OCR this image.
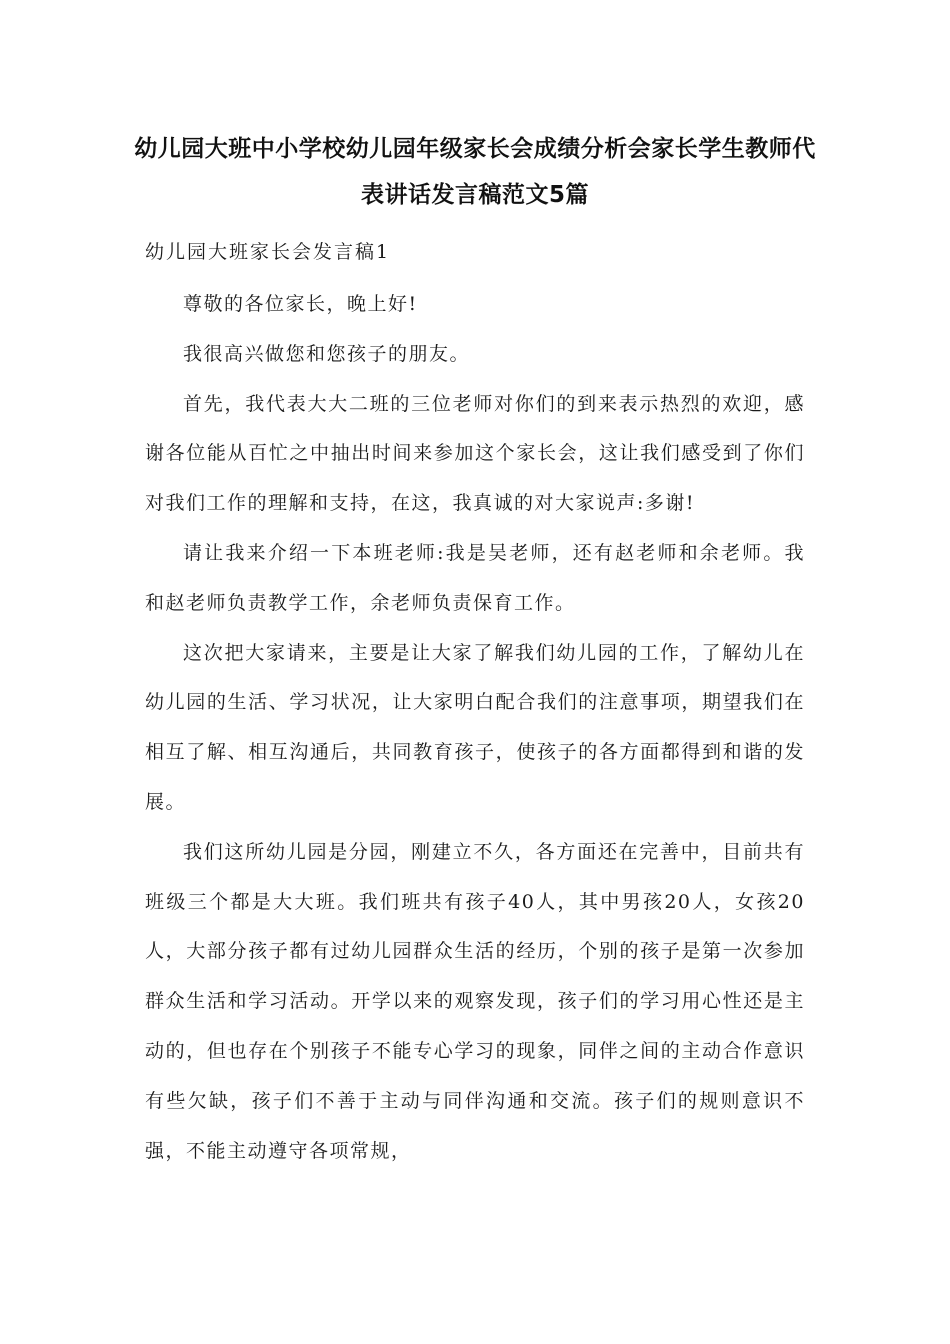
幼儿园大班中小学校幼儿园年级家长会成绩分析会家长学生教师代表讲话发言稿范文5篇
幼儿园大班家长会发言稿1

尊敬的各位家长，晚上好!

我很高兴做您和您孩子的朋友。

首先，我代表大大二班的三位老师对你们的到来表示热烈的欢迎，感谢各位能从百忙之中抽出时间来参加这个家长会，这让我们感受到了你们对我们工作的理解和支持，在这，我真诚的对大家说声:多谢!

请让我来介绍一下本班老师:我是吴老师，还有赵老师和余老师。我和赵老师负责教学工作，余老师负责保育工作。

这次把大家请来，主要是让大家了解我们幼儿园的工作，了解幼儿在幼儿园的生活、学习状况，让大家明白配合我们的注意事项，期望我们在相互了解、相互沟通后，共同教育孩子，使孩子的各方面都得到和谐的发展。

我们这所幼儿园是分园，刚建立不久，各方面还在完善中，目前共有班级三个都是大大班。我们班共有孩子40人，其中男孩20人，女孩20人，大部分孩子都有过幼儿园群众生活的经历，个别的孩子是第一次参加群众生活和学习活动。开学以来的观察发现，孩子们的学习用心性还是主动的，但也存在个别孩子不能专心学习的现象，同伴之间的主动合作意识有些欠缺，孩子们不善于主动与同伴沟通和交流。孩子们的规则意识不强，不能主动遵守各项常规，
